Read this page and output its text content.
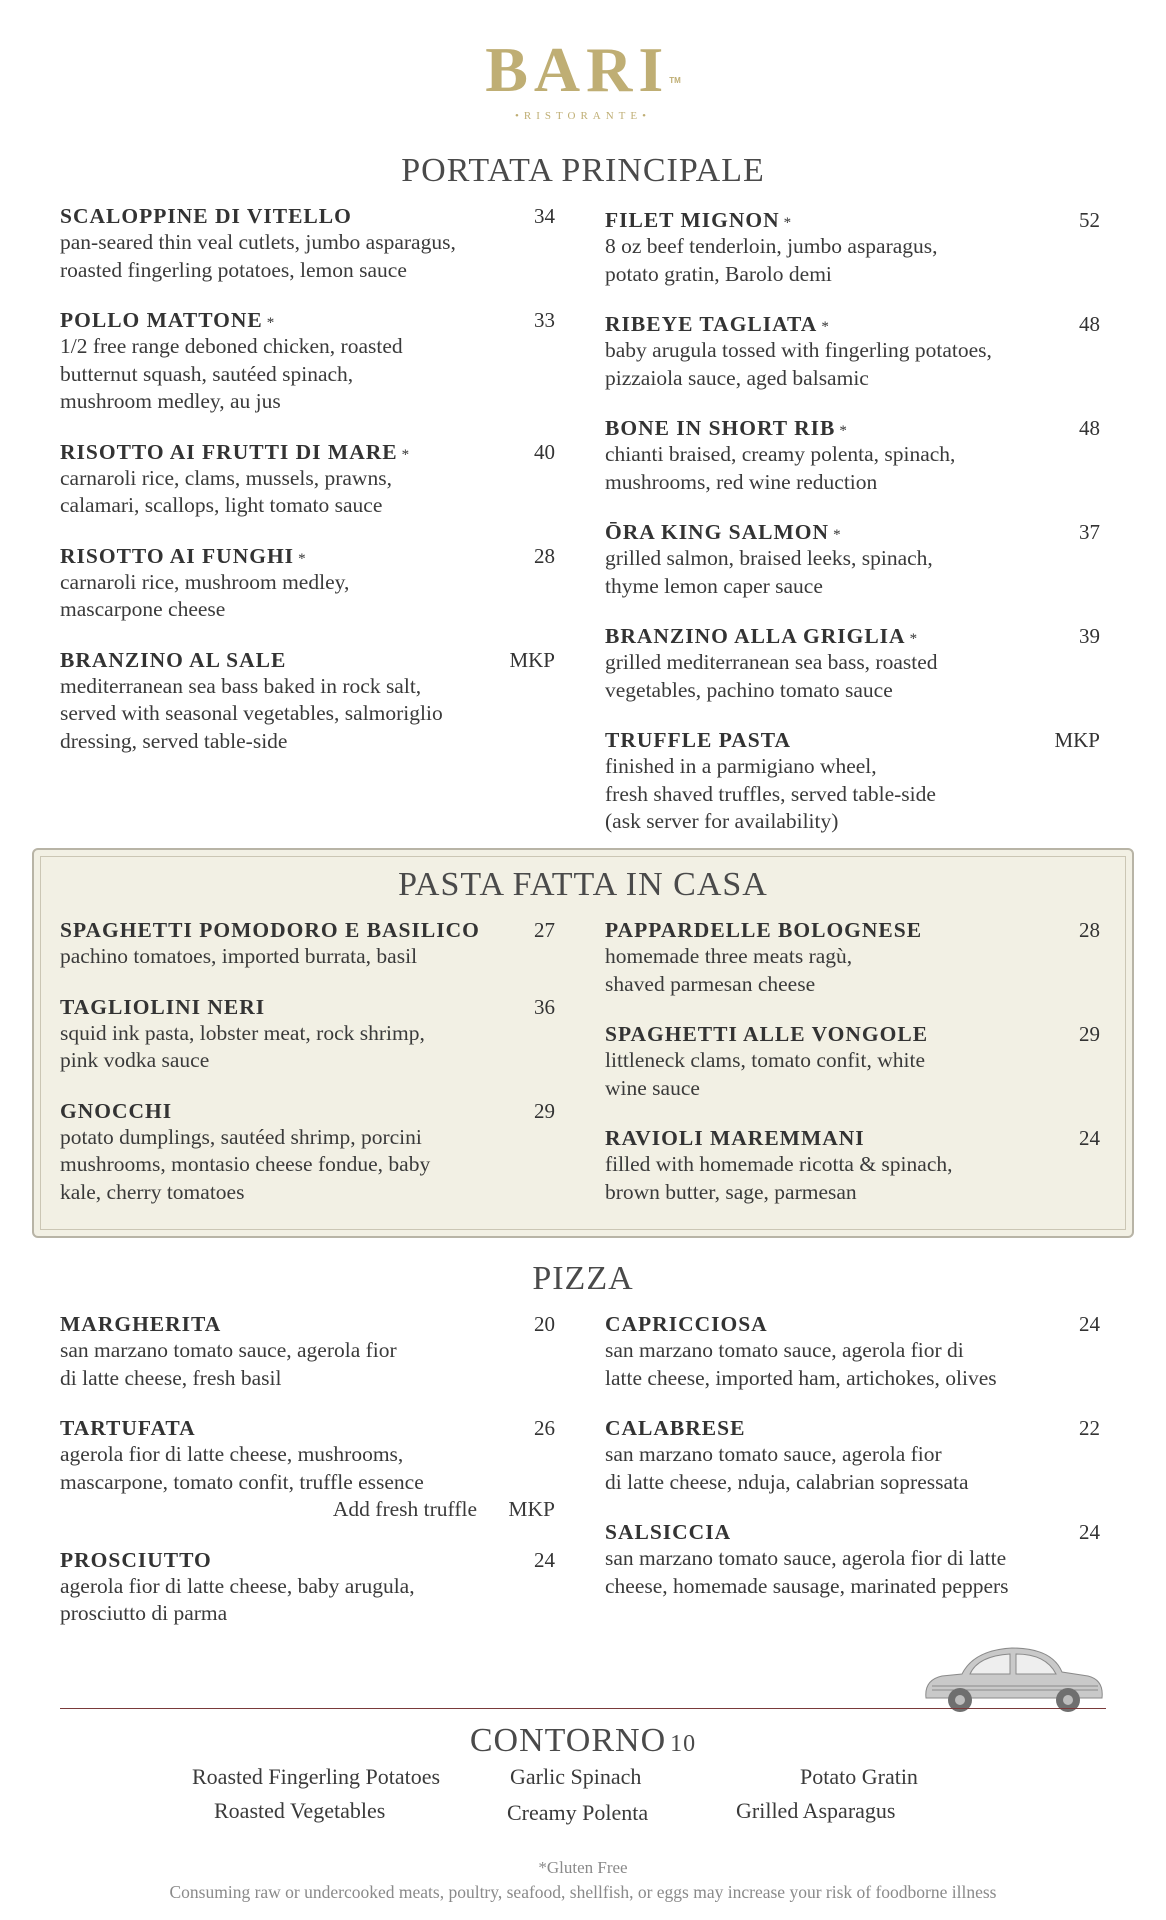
BARITM
•RISTORANTE•
PORTATA PRINCIPALE
SCALOPPINE DI VITELLO	34
pan-seared thin veal cutlets, jumbo asparagus,
roasted fingerling potatoes, lemon sauce
POLLO MATTONE *	33
1/2 free range deboned chicken, roasted
butternut squash, sautéed spinach,
mushroom medley, au jus
RISOTTO AI FRUTTI DI MARE *	40
carnaroli rice, clams, mussels, prawns,
calamari, scallops, light tomato sauce
RISOTTO AI FUNGHI *	28
carnaroli rice, mushroom medley,
mascarpone cheese
BRANZINO AL SALE	MKP
mediterranean sea bass baked in rock salt,
served with seasonal vegetables, salmoriglio
dressing, served table-side
FILET MIGNON *	52
8 oz beef tenderloin, jumbo asparagus,
potato gratin, Barolo demi
RIBEYE TAGLIATA *	48
baby arugula tossed with fingerling potatoes,
pizzaiola sauce, aged balsamic
BONE IN SHORT RIB *	48
chianti braised, creamy polenta, spinach,
mushrooms, red wine reduction
ŌRA KING SALMON *	37
grilled salmon, braised leeks, spinach,
thyme lemon caper sauce
BRANZINO ALLA GRIGLIA *	39
grilled mediterranean sea bass, roasted
vegetables, pachino tomato sauce
TRUFFLE PASTA	MKP
finished in a parmigiano wheel,
fresh shaved truffles, served table-side
(ask server for availability)
PASTA FATTA IN CASA
SPAGHETTI POMODORO E BASILICO	27
pachino tomatoes, imported burrata, basil
TAGLIOLINI NERI	36
squid ink pasta, lobster meat, rock shrimp,
pink vodka sauce
GNOCCHI	29
potato dumplings, sautéed shrimp, porcini
mushrooms, montasio cheese fondue, baby
kale, cherry tomatoes
PAPPARDELLE BOLOGNESE	28
homemade three meats ragù,
shaved parmesan cheese
SPAGHETTI ALLE VONGOLE	29
littleneck clams, tomato confit, white
wine sauce
RAVIOLI MAREMMANI	24
filled with homemade ricotta & spinach,
brown butter, sage, parmesan
PIZZA
MARGHERITA	20
san marzano tomato sauce, agerola fior
di latte cheese, fresh basil
TARTUFATA	26
agerola fior di latte cheese, mushrooms,
mascarpone, tomato confit, truffle essence
Add fresh truffle MKP
PROSCIUTTO	24
agerola fior di latte cheese, baby arugula,
prosciutto di parma
CAPRICCIOSA	24
san marzano tomato sauce, agerola fior di
latte cheese, imported ham, artichokes, olives
CALABRESE	22
san marzano tomato sauce, agerola fior
di latte cheese, nduja, calabrian sopressata
SALSICCIA	24
san marzano tomato sauce, agerola fior di latte
cheese, homemade sausage, marinated peppers
CONTORNO 10
Roasted Fingerling Potatoes	Garlic Spinach	Potato Gratin
Roasted Vegetables	Creamy Polenta	Grilled Asparagus
*Gluten Free
Consuming raw or undercooked meats, poultry, seafood, shellfish, or eggs may increase your risk of foodborne illness
